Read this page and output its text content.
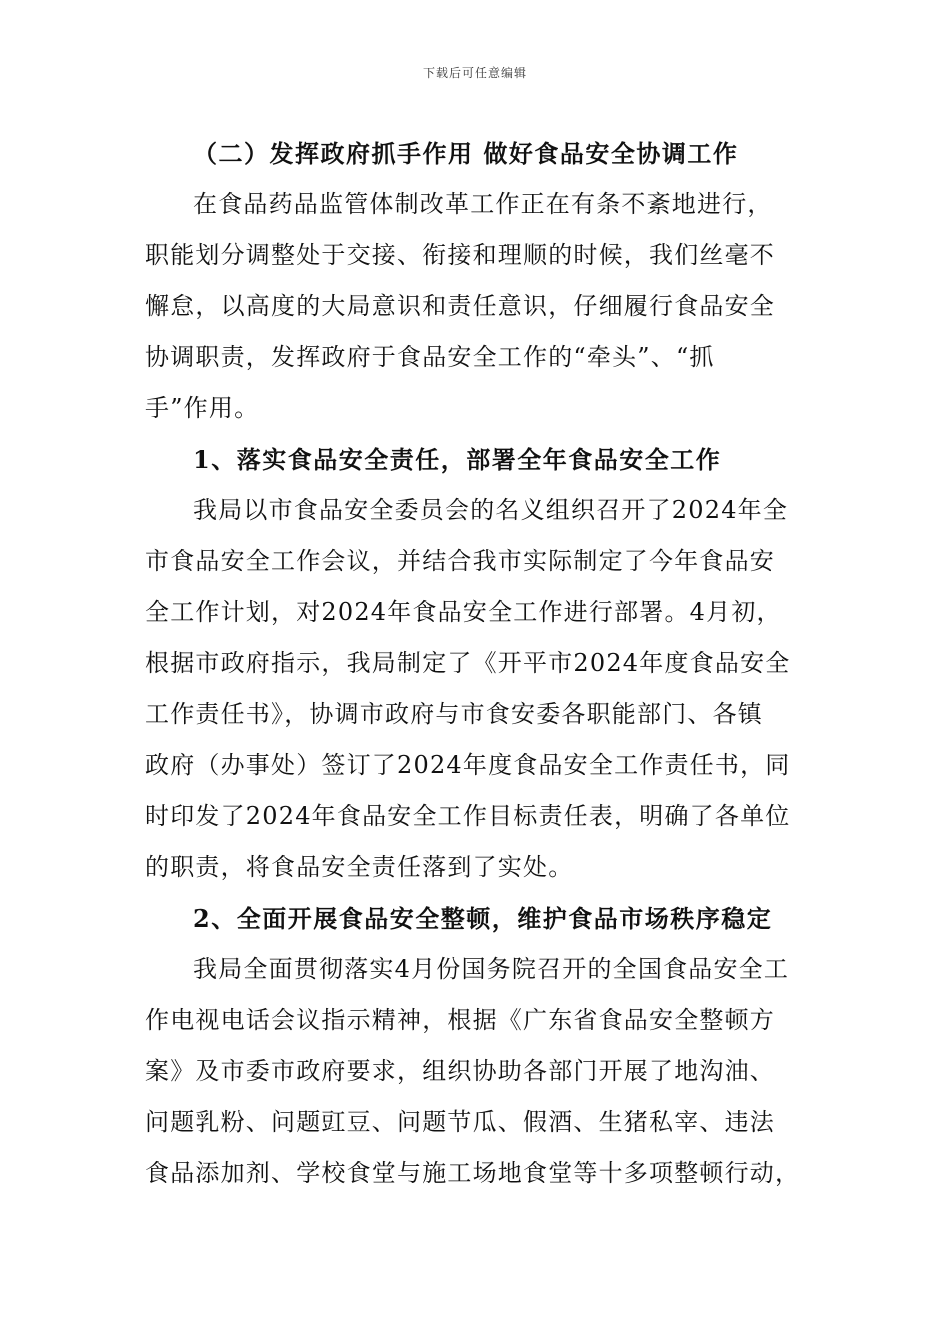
下载后可任意编辑
（二）发挥政府抓手作用 做好食品安全协调工作
在食品药品监管体制改革工作正在有条不紊地进行，
职能划分调整处于交接、衔接和理顺的时候，我们丝毫不
懈怠，以高度的大局意识和责任意识，仔细履行食品安全
协调职责，发挥政府于食品安全工作的“牵头”、“抓
手”作用。
1、落实食品安全责任，部署全年食品安全工作
我局以市食品安全委员会的名义组织召开了2024年全
市食品安全工作会议，并结合我市实际制定了今年食品安
全工作计划，对2024年食品安全工作进行部署。4月初，
根据市政府指示，我局制定了《开平市2024年度食品安全
工作责任书》，协调市政府与市食安委各职能部门、各镇
政府（办事处）签订了2024年度食品安全工作责任书，同
时印发了2024年食品安全工作目标责任表，明确了各单位
的职责，将食品安全责任落到了实处。
2、全面开展食品安全整顿，维护食品市场秩序稳定
我局全面贯彻落实4月份国务院召开的全国食品安全工
作电视电话会议指示精神，根据《广东省食品安全整顿方
案》及市委市政府要求，组织协助各部门开展了地沟油、
问题乳粉、问题豇豆、问题节瓜、假酒、生猪私宰、违法
食品添加剂、学校食堂与施工场地食堂等十多项整顿行动，
